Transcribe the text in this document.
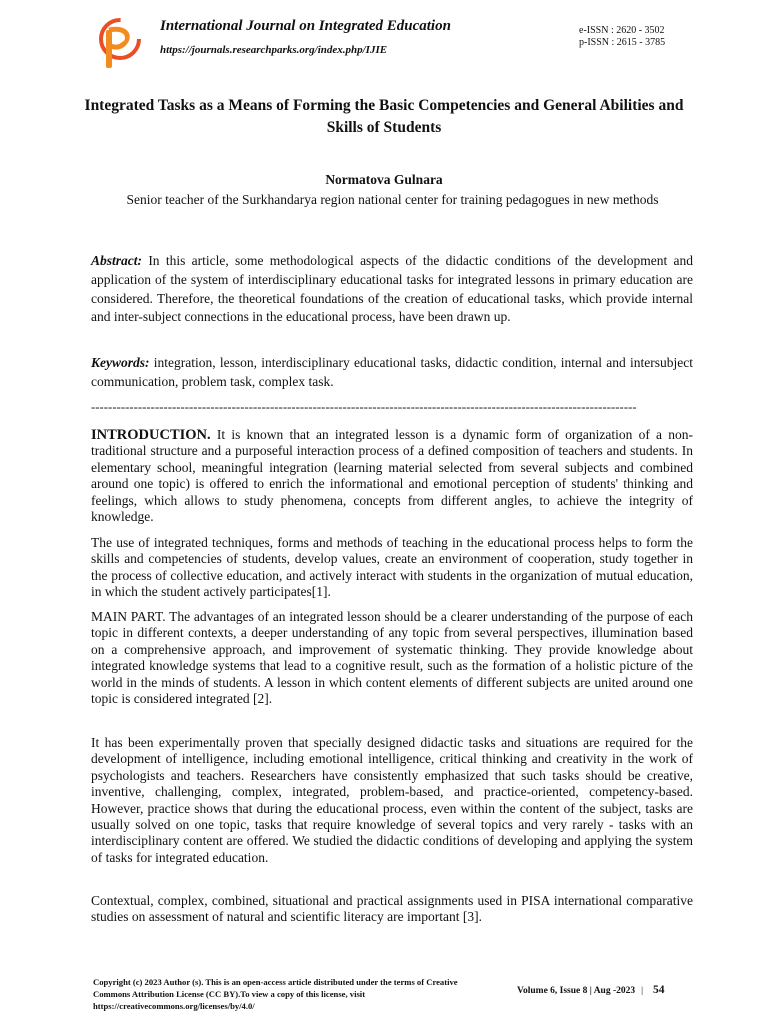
International Journal on Integrated Education
https://journals.researchparks.org/index.php/IJIE
e-ISSN : 2620 - 3502
p-ISSN : 2615 - 3785
Integrated Tasks as a Means of Forming the Basic Competencies and General Abilities and Skills of Students
Normatova Gulnara
Senior teacher of the Surkhandarya region national center for training pedagogues in new methods
Abstract: In this article, some methodological aspects of the didactic conditions of the development and application of the system of interdisciplinary educational tasks for integrated lessons in primary education are considered. Therefore, the theoretical foundations of the creation of educational tasks, which provide internal and inter-subject connections in the educational process, have been drawn up.
Keywords: integration, lesson, interdisciplinary educational tasks, didactic condition, internal and intersubject communication, problem task, complex task.
--------------------------------------------------------------------------------------------------------------------------------
INTRODUCTION. It is known that an integrated lesson is a dynamic form of organization of a non-traditional structure and a purposeful interaction process of a defined composition of teachers and students. In elementary school, meaningful integration (learning material selected from several subjects and combined around one topic) is offered to enrich the informational and emotional perception of students' thinking and feelings, which allows to study phenomena, concepts from different angles, to achieve the integrity of knowledge.
The use of integrated techniques, forms and methods of teaching in the educational process helps to form the skills and competencies of students, develop values, create an environment of cooperation, study together in the process of collective education, and actively interact with students in the organization of mutual education, in which the student actively participates[1].
MAIN PART. The advantages of an integrated lesson should be a clearer understanding of the purpose of each topic in different contexts, a deeper understanding of any topic from several perspectives, illumination based on a comprehensive approach, and improvement of systematic thinking. They provide knowledge about integrated knowledge systems that lead to a cognitive result, such as the formation of a holistic picture of the world in the minds of students. A lesson in which content elements of different subjects are united around one topic is considered integrated [2].
It has been experimentally proven that specially designed didactic tasks and situations are required for the development of intelligence, including emotional intelligence, critical thinking and creativity in the work of psychologists and teachers. Researchers have consistently emphasized that such tasks should be creative, inventive, challenging, complex, integrated, problem-based, and practice-oriented, competency-based. However, practice shows that during the educational process, even within the content of the subject, tasks are usually solved on one topic, tasks that require knowledge of several topics and very rarely - tasks with an interdisciplinary content are offered. We studied the didactic conditions of developing and applying the system of tasks for integrated education.
Contextual, complex, combined, situational and practical assignments used in PISA international comparative studies on assessment of natural and scientific literacy are important [3].
Copyright (c) 2023 Author (s). This is an open-access article distributed under the terms of Creative Commons Attribution License (CC BY).To view a copy of this license, visit https://creativecommons.org/licenses/by/4.0/
Volume 6, Issue 8 | Aug -2023 | 54
